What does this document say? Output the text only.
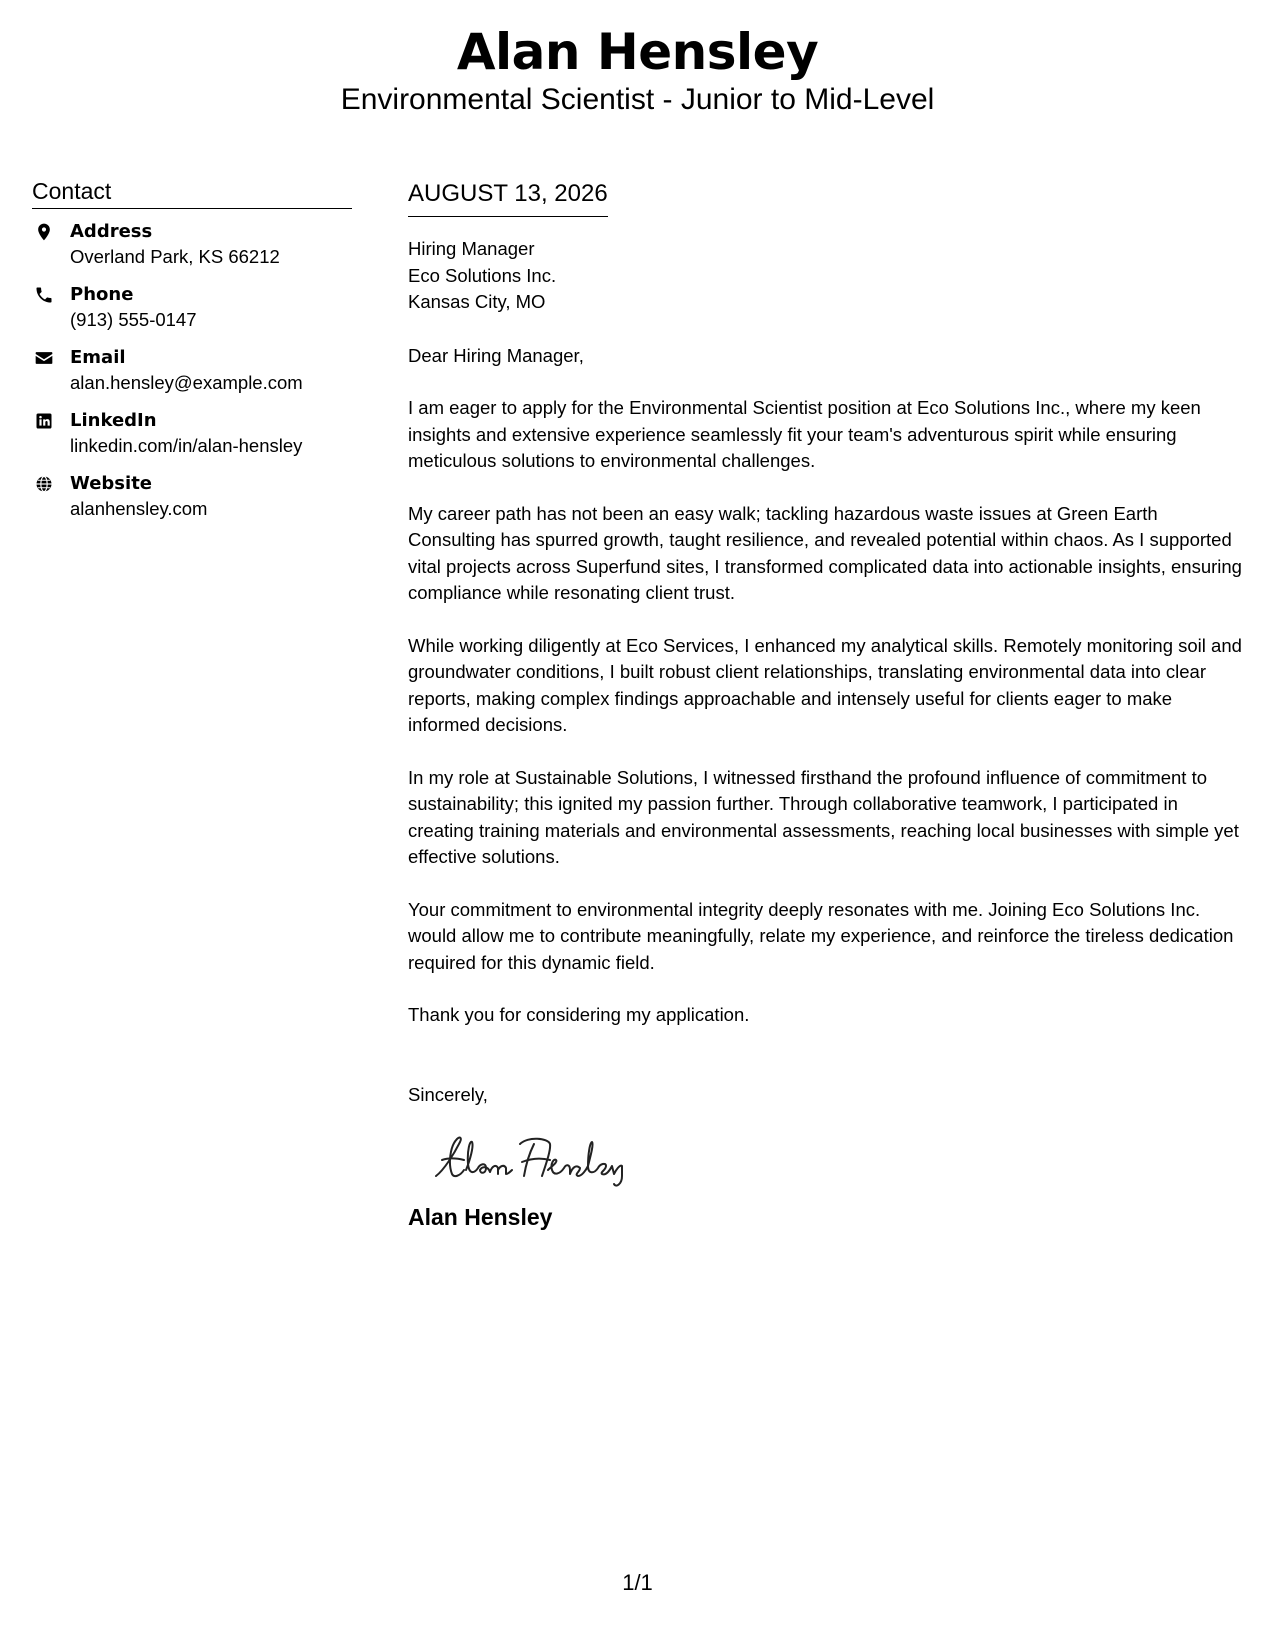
Alan Hensley
Environmental Scientist - Junior to Mid-Level
Contact
Address
Overland Park, KS 66212
Phone
(913) 555-0147
Email
alan.hensley@example.com
LinkedIn
linkedin.com/in/alan-hensley
Website
alanhensley.com
AUGUST 13, 2026
Hiring Manager
Eco Solutions Inc.
Kansas City, MO
Dear Hiring Manager,
I am eager to apply for the Environmental Scientist position at Eco Solutions Inc., where my keen insights and extensive experience seamlessly fit your team's adventurous spirit while ensuring meticulous solutions to environmental challenges.
My career path has not been an easy walk; tackling hazardous waste issues at Green Earth Consulting has spurred growth, taught resilience, and revealed potential within chaos. As I supported vital projects across Superfund sites, I transformed complicated data into actionable insights, ensuring compliance while resonating client trust.
While working diligently at Eco Services, I enhanced my analytical skills. Remotely monitoring soil and groundwater conditions, I built robust client relationships, translating environmental data into clear reports, making complex findings approachable and intensely useful for clients eager to make informed decisions.
In my role at Sustainable Solutions, I witnessed firsthand the profound influence of commitment to sustainability; this ignited my passion further. Through collaborative teamwork, I participated in creating training materials and environmental assessments, reaching local businesses with simple yet effective solutions.
Your commitment to environmental integrity deeply resonates with me. Joining Eco Solutions Inc. would allow me to contribute meaningfully, relate my experience, and reinforce the tireless dedication required for this dynamic field.
Thank you for considering my application.
Sincerely,
Alan Hensley
1/1
